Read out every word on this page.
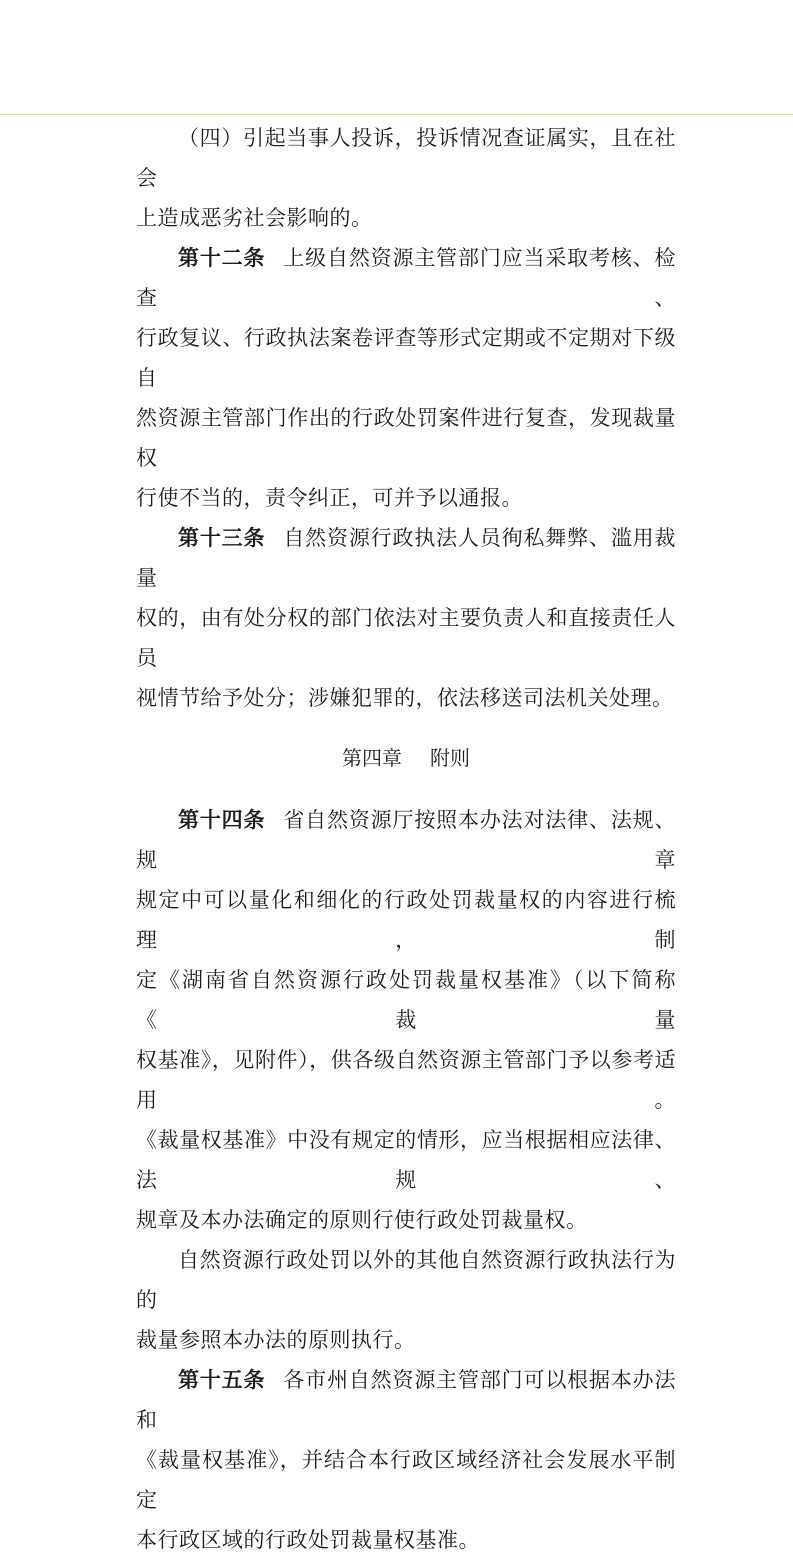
（四）引起当事人投诉，投诉情况查证属实，且在社会

上造成恶劣社会影响的。

第十二条 上级自然资源主管部门应当采取考核、检查、

行政复议、行政执法案卷评查等形式定期或不定期对下级自

然资源主管部门作出的行政处罚案件进行复查，发现裁量权

行使不当的，责令纠正，可并予以通报。

第十三条 自然资源行政执法人员徇私舞弊、滥用裁量

权的，由有处分权的部门依法对主要负责人和直接责任人员

视情节给予处分；涉嫌犯罪的，依法移送司法机关处理。

第四章 附则

第十四条 省自然资源厅按照本办法对法律、法规、规章

规定中可以量化和细化的行政处罚裁量权的内容进行梳理，制

定《湖南省自然资源行政处罚裁量权基准》（以下简称《裁量

权基准》，见附件），供各级自然资源主管部门予以参考适用。

《裁量权基准》中没有规定的情形，应当根据相应法律、法规、

规章及本办法确定的原则行使行政处罚裁量权。

自然资源行政处罚以外的其他自然资源行政执法行为的

裁量参照本办法的原则执行。

第十五条 各市州自然资源主管部门可以根据本办法和

《裁量权基准》，并结合本行政区域经济社会发展水平制定

本行政区域的行政处罚裁量权基准。
